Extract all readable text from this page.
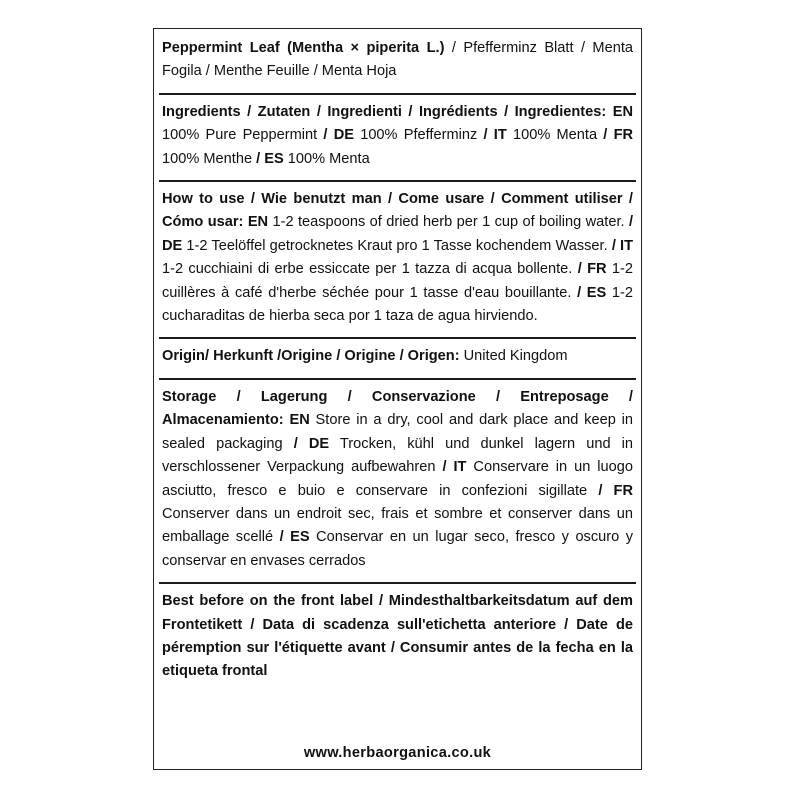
Peppermint Leaf (Mentha × piperita L.) / Pfefferminz Blatt / Menta Fogila / Menthe Feuille / Menta Hoja

Ingredients / Zutaten / Ingredienti / Ingrédients / Ingredientes: EN 100% Pure Peppermint / DE 100% Pfefferminz / IT 100% Menta / FR 100% Menthe / ES 100% Menta

How to use / Wie benutzt man / Come usare / Comment utiliser / Cómo usar: EN 1-2 teaspoons of dried herb per 1 cup of boiling water. / DE 1-2 Teelöffel getrocknetes Kraut pro 1 Tasse kochendem Wasser. / IT 1-2 cucchiaini di erbe essiccate per 1 tazza di acqua bollente. / FR 1-2 cuillères à café d'herbe séchée pour 1 tasse d'eau bouillante. / ES 1-2 cucharaditas de hierba seca por 1 taza de agua hirviendo.

Origin/ Herkunft /Origine / Origine / Origen: United Kingdom

Storage / Lagerung / Conservazione / Entreposage / Almacenamiento: EN Store in a dry, cool and dark place and keep in sealed packaging / DE Trocken, kühl und dunkel lagern und in verschlossener Verpackung aufbewahren / IT Conservare in un luogo asciutto, fresco e buio e conservare in confezioni sigillate / FR Conserver dans un endroit sec, frais et sombre et conserver dans un emballage scellé / ES Conservar en un lugar seco, fresco y oscuro y conservar en envases cerrados

Best before on the front label / Mindesthaltbarkeitsdatum auf dem Frontetikett / Data di scadenza sull'etichetta anteriore / Date de péremption sur l'étiquette avant / Consumir antes de la fecha en la etiqueta frontal

www.herbaorganica.co.uk
